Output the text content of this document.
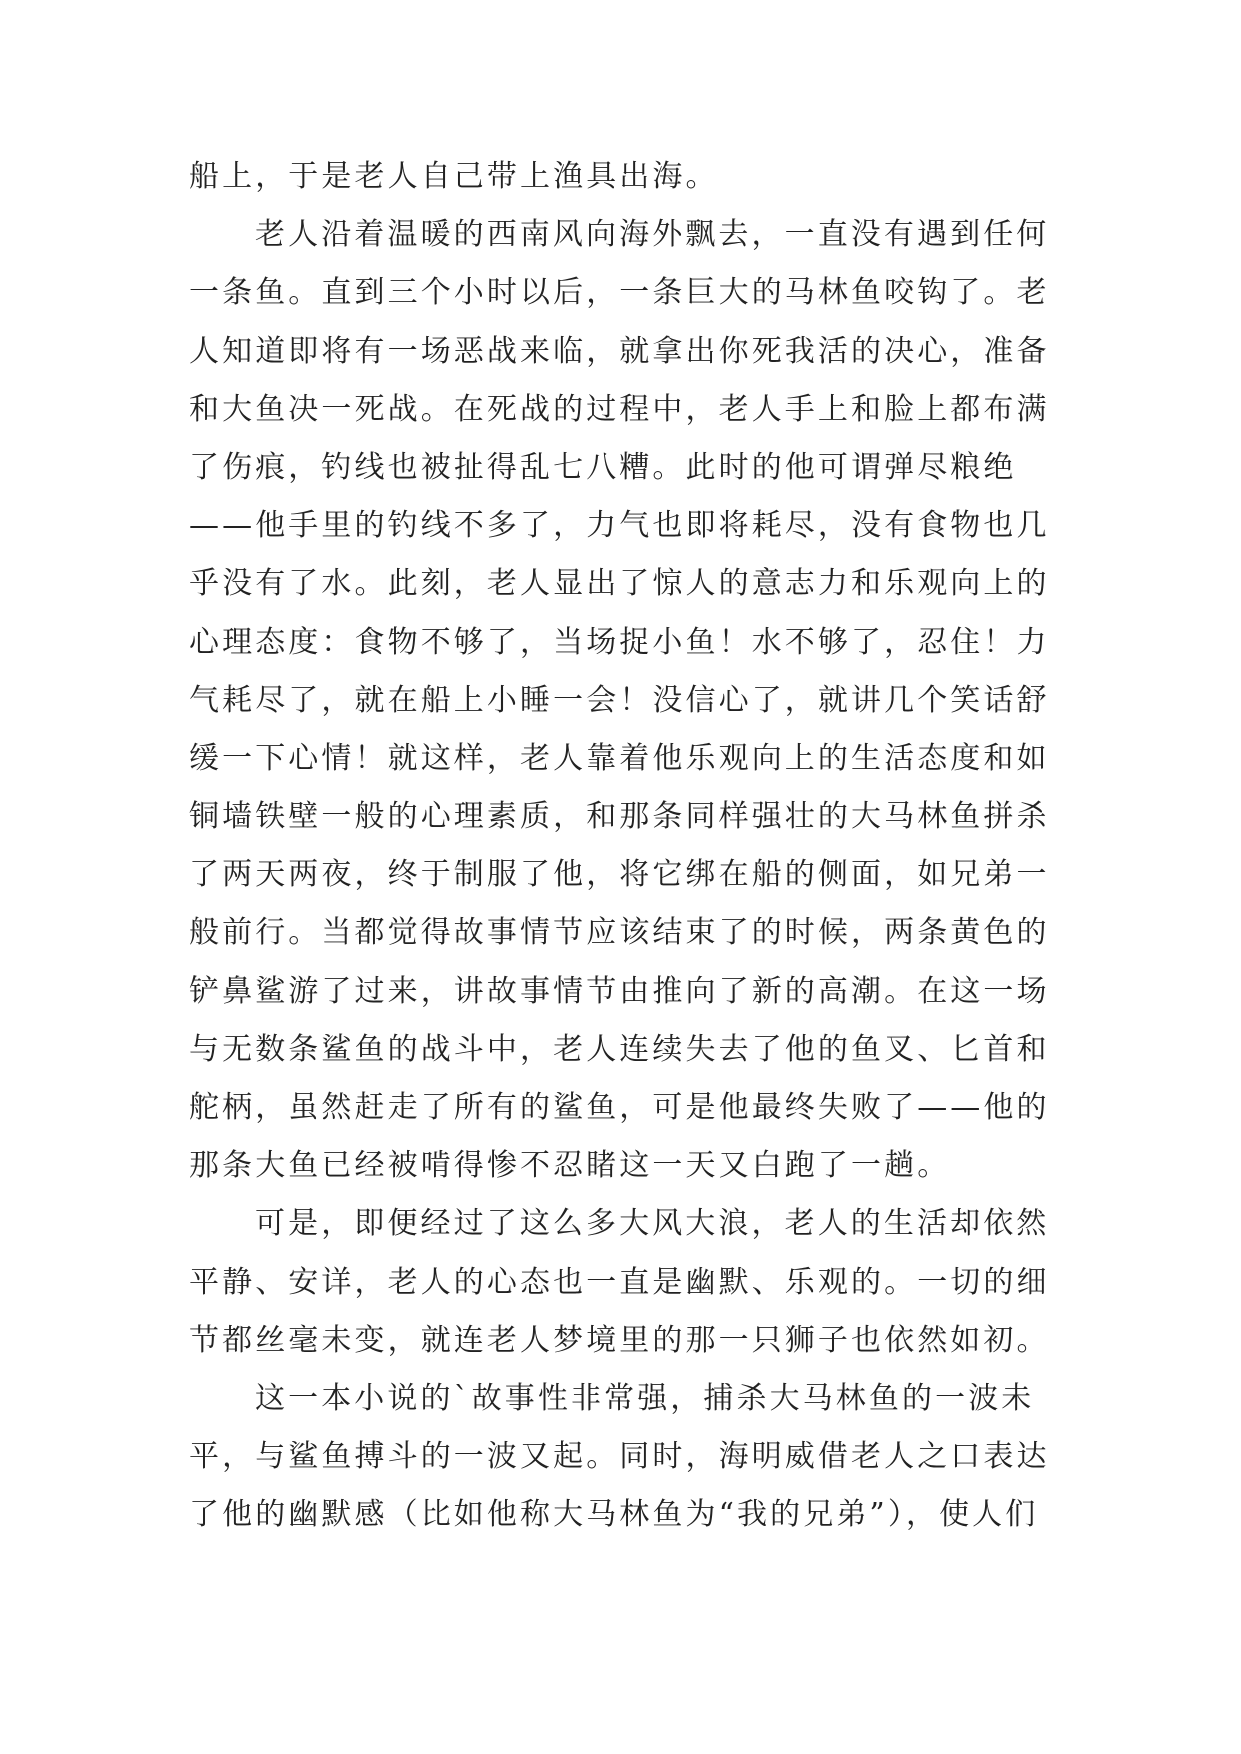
船上，于是老人自己带上渔具出海。
老人沿着温暖的西南风向海外飘去，一直没有遇到任何
一条鱼。直到三个小时以后，一条巨大的马林鱼咬钩了。老
人知道即将有一场恶战来临，就拿出你死我活的决心，准备
和大鱼决一死战。在死战的过程中，老人手上和脸上都布满
了伤痕，钓线也被扯得乱七八糟。此时的他可谓弹尽粮绝
——他手里的钓线不多了，力气也即将耗尽，没有食物也几
乎没有了水。此刻，老人显出了惊人的意志力和乐观向上的
心理态度：食物不够了，当场捉小鱼！水不够了，忍住！力
气耗尽了，就在船上小睡一会！没信心了，就讲几个笑话舒
缓一下心情！就这样，老人靠着他乐观向上的生活态度和如
铜墙铁壁一般的心理素质，和那条同样强壮的大马林鱼拼杀
了两天两夜，终于制服了他，将它绑在船的侧面，如兄弟一
般前行。当都觉得故事情节应该结束了的时候，两条黄色的
铲鼻鲨游了过来，讲故事情节由推向了新的高潮。在这一场
与无数条鲨鱼的战斗中，老人连续失去了他的鱼叉、匕首和
舵柄，虽然赶走了所有的鲨鱼，可是他最终失败了——他的
那条大鱼已经被啃得惨不忍睹这一天又白跑了一趟。
可是，即便经过了这么多大风大浪，老人的生活却依然
平静、安详，老人的心态也一直是幽默、乐观的。一切的细
节都丝毫未变，就连老人梦境里的那一只狮子也依然如初。
这一本小说的`故事性非常强，捕杀大马林鱼的一波未
平，与鲨鱼搏斗的一波又起。同时，海明威借老人之口表达
了他的幽默感（比如他称大马林鱼为“我的兄弟”），使人们
